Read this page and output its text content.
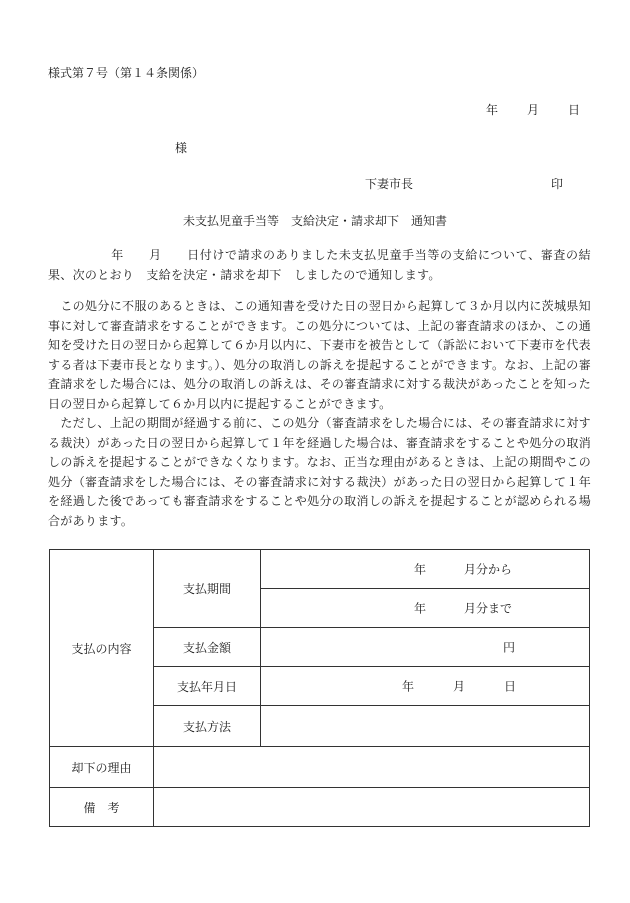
様式第７号（第１４条関係）
年 月 日
様
下妻市長	印
未支払児童手当等　支給決定・請求却下　通知書
　　　　　年　　月　　日付けで請求のありました未支払児童手当等の支給について、審査の結果、次のとおり　支給を決定・請求を却下　しましたので通知します。
　この処分に不服のあるときは、この通知書を受けた日の翌日から起算して３か月以内に茨城県知事に対して審査請求をすることができます。この処分については、上記の審査請求のほか、この通知を受けた日の翌日から起算して６か月以内に、下妻市を被告として（訴訟において下妻市を代表する者は下妻市長となります。）、処分の取消しの訴えを提起することができます。なお、上記の審査請求をした場合には、処分の取消しの訴えは、その審査請求に対する裁決があったことを知った日の翌日から起算して６か月以内に提起することができます。
　ただし、上記の期間が経過する前に、この処分（審査請求をした場合には、その審査請求に対する裁決）があった日の翌日から起算して１年を経過した場合は、審査請求をすることや処分の取消しの訴えを提起することができなくなります。なお、正当な理由があるときは、上記の期間やこの処分（審査請求をした場合には、その審査請求に対する裁決）があった日の翌日から起算して１年を経過した後であっても審査請求をすることや処分の取消しの訴えを提起することが認められる場合があります。
支払の内容	支払期間	年 月分から

		年 月分まで

	支払金額	円

	支払年月日	年 月 日

	支払方法	
却下の理由		
備　考		
